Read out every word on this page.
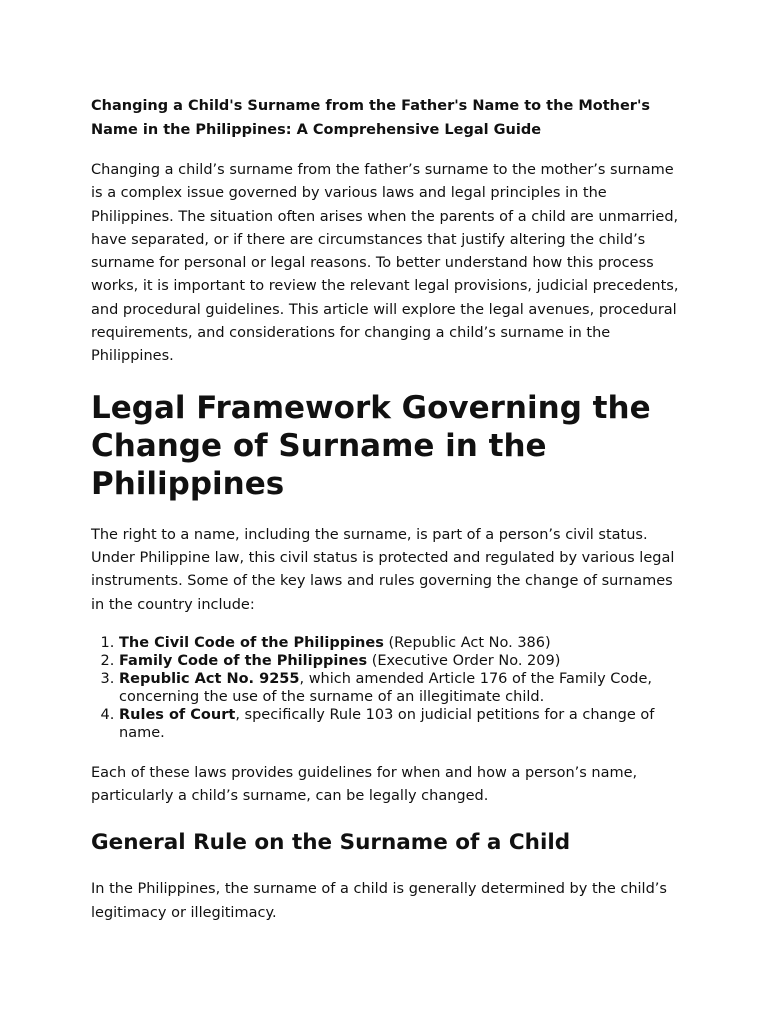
Changing a Child's Surname from the Father's Name to the Mother's Name in the Philippines: A Comprehensive Legal Guide

Changing a child’s surname from the father’s surname to the mother’s surname is a complex issue governed by various laws and legal principles in the Philippines. The situation often arises when the parents of a child are unmarried, have separated, or if there are circumstances that justify altering the child’s surname for personal or legal reasons. To better understand how this process works, it is important to review the relevant legal provisions, judicial precedents, and procedural guidelines. This article will explore the legal avenues, procedural requirements, and considerations for changing a child’s surname in the Philippines.

Legal Framework Governing the Change of Surname in the Philippines

The right to a name, including the surname, is part of a person’s civil status. Under Philippine law, this civil status is protected and regulated by various legal instruments. Some of the key laws and rules governing the change of surnames in the country include:

1. The Civil Code of the Philippines (Republic Act No. 386)
2. Family Code of the Philippines (Executive Order No. 209)
3. Republic Act No. 9255, which amended Article 176 of the Family Code, concerning the use of the surname of an illegitimate child.
4. Rules of Court, specifically Rule 103 on judicial petitions for a change of name.

Each of these laws provides guidelines for when and how a person’s name, particularly a child’s surname, can be legally changed.

General Rule on the Surname of a Child

In the Philippines, the surname of a child is generally determined by the child’s legitimacy or illegitimacy.
